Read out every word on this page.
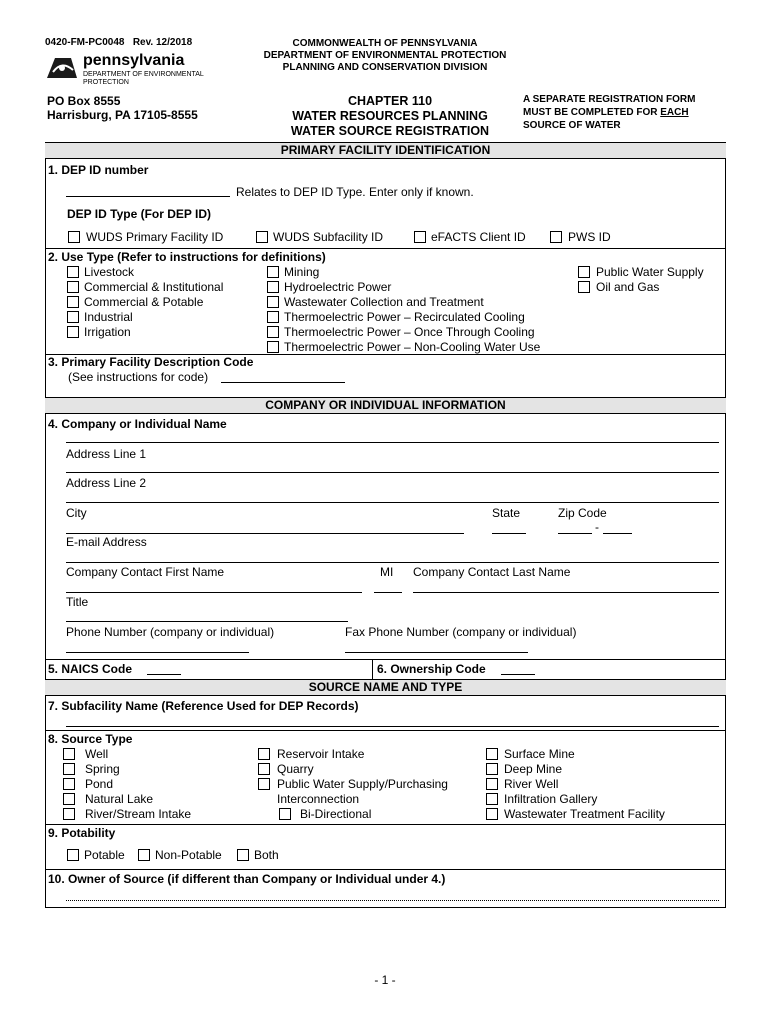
0420-FM-PC0048 Rev. 12/2018
pennsylvania
DEPARTMENT OF ENVIRONMENTAL
PROTECTION
COMMONWEALTH OF PENNSYLVANIA
DEPARTMENT OF ENVIRONMENTAL PROTECTION
PLANNING AND CONSERVATION DIVISION
PO Box 8555
Harrisburg, PA 17105-8555
CHAPTER 110
WATER RESOURCES PLANNING
WATER SOURCE REGISTRATION
A SEPARATE REGISTRATION FORM
MUST BE COMPLETED FOR EACH
SOURCE OF WATER
PRIMARY FACILITY IDENTIFICATION
1. DEP ID number
Relates to DEP ID Type. Enter only if known.
DEP ID Type (For DEP ID)
WUDS Primary Facility ID	WUDS Subfacility ID	eFACTS Client ID	PWS ID
2. Use Type (Refer to instructions for definitions)
Livestock
Commercial & Institutional
Commercial & Potable
Industrial
Irrigation
Mining
Hydroelectric Power
Wastewater Collection and Treatment
Thermoelectric Power – Recirculated Cooling
Thermoelectric Power – Once Through Cooling
Thermoelectric Power – Non-Cooling Water Use
Public Water Supply
Oil and Gas
3. Primary Facility Description Code
(See instructions for code)
COMPANY OR INDIVIDUAL INFORMATION
4. Company or Individual Name
Address Line 1
Address Line 2
City	State	Zip Code
-
E-mail Address
Company Contact First Name	MI Company Contact Last Name
Title
Phone Number (company or individual)	Fax Phone Number (company or individual)
5. NAICS Code	6. Ownership Code
SOURCE NAME AND TYPE
7. Subfacility Name (Reference Used for DEP Records)
8. Source Type
Well
Spring
Pond
Natural Lake
River/Stream Intake
Reservoir Intake
Quarry
Public Water Supply/Purchasing
Interconnection
Bi-Directional
Surface Mine
Deep Mine
River Well
Infiltration Gallery
Wastewater Treatment Facility
9. Potability
Potable	Non-Potable	Both
10. Owner of Source (if different than Company or Individual under 4.)
- 1 -
